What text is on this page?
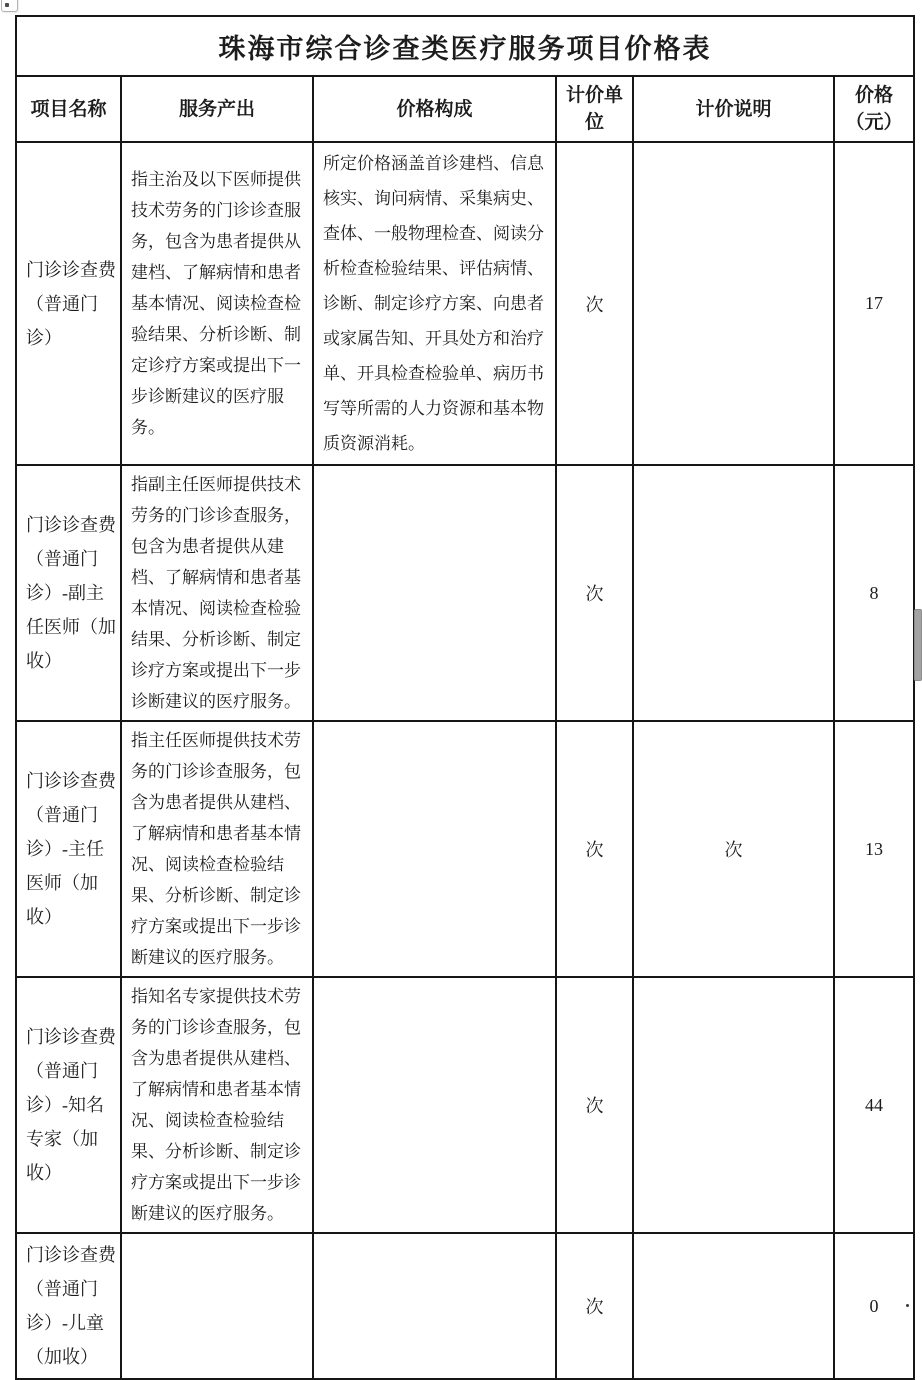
珠海市综合诊查类医疗服务项目价格表					
项目名称	服务产出	价格构成	计价单位	计价说明	价格（元）
门诊诊查费（普通门诊）	指主治及以下医师提供技术劳务的门诊诊查服务，包含为患者提供从建档、了解病情和患者基本情况、阅读检查检验结果、分析诊断、制定诊疗方案或提出下一步诊断建议的医疗服务。	所定价格涵盖首诊建档、信息核实、询问病情、采集病史、查体、一般物理检查、阅读分析检查检验结果、评估病情、诊断、制定诊疗方案、向患者或家属告知、开具处方和治疗单、开具检查检验单、病历书写等所需的人力资源和基本物质资源消耗。	次		17
门诊诊查费（普通门诊）-副主任医师（加收）	指副主任医师提供技术劳务的门诊诊查服务，包含为患者提供从建档、了解病情和患者基本情况、阅读检查检验结果、分析诊断、制定诊疗方案或提出下一步诊断建议的医疗服务。		次		8
门诊诊查费（普通门诊）-主任医师（加收）	指主任医师提供技术劳务的门诊诊查服务，包含为患者提供从建档、了解病情和患者基本情况、阅读检查检验结果、分析诊断、制定诊疗方案或提出下一步诊断建议的医疗服务。		次	次	13
门诊诊查费（普通门诊）-知名专家（加收）	指知名专家提供技术劳务的门诊诊查服务，包含为患者提供从建档、了解病情和患者基本情况、阅读检查检验结果、分析诊断、制定诊疗方案或提出下一步诊断建议的医疗服务。		次		44
门诊诊查费（普通门诊）-儿童（加收）			次		0
